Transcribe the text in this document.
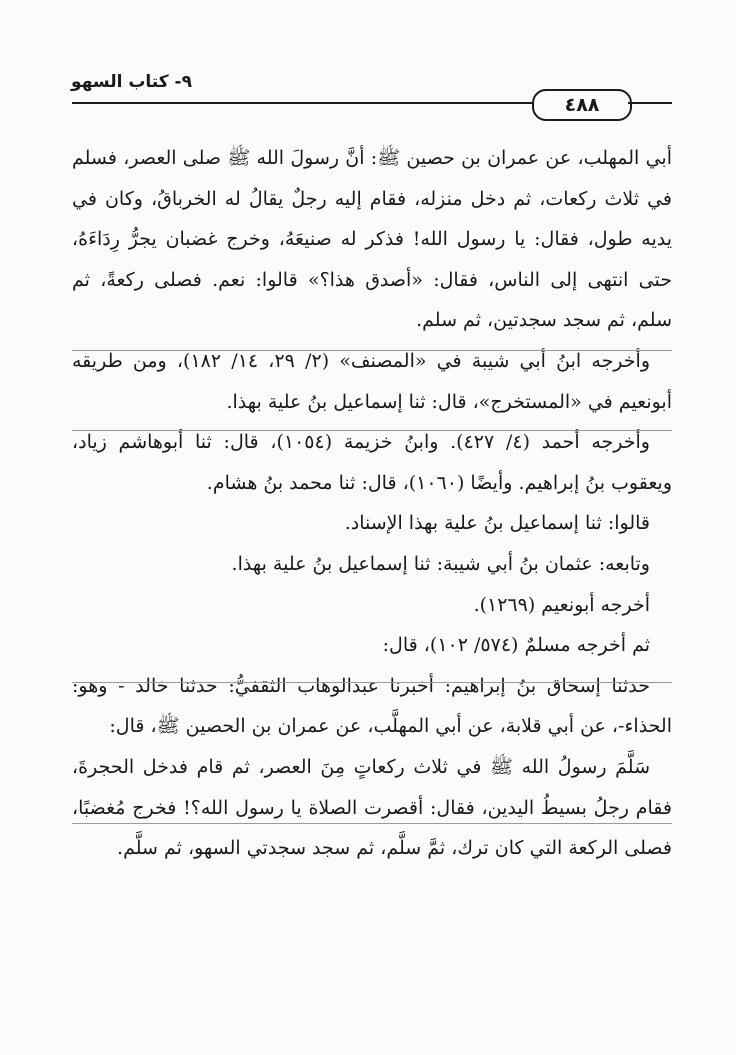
٩- كتاب السهو
٤٨٨

أبي المهلب، عن عمران بن حصين ﷺ: أنَّ رسولَ الله ﷺ صلى العصر، فسلم في ثلاث ركعات، ثم دخل منزله، فقام إليه رجلٌ يقالُ له الخرباقُ، وكان في يديه طول، فقال: يا رسول الله! فذكر له صنيعَهُ، وخرج غضبان يجرُّ رِدَاءَهُ، حتى انتهى إلى الناس، فقال: «أصدق هذا؟» قالوا: نعم. فصلى ركعةً، ثم سلم، ثم سجد سجدتين، ثم سلم.

وأخرجه ابنُ أبي شيبة في «المصنف» (٢/ ٢٩، ١٤/ ١٨٢)، ومن طريقه أبونعيم في «المستخرج»، قال: ثنا إسماعيل بنُ علية بهذا.

وأخرجه أحمد (٤/ ٤٢٧). وابنُ خزيمة (١٠٥٤)، قال: ثنا أبوهاشم زياد، ويعقوب بنُ إبراهيم. وأيضًا (١٠٦٠)، قال: ثنا محمد بنُ هشام.

قالوا: ثنا إسماعيل بنُ علية بهذا الإسناد.

وتابعه: عثمان بنُ أبي شيبة: ثنا إسماعيل بنُ علية بهذا.

أخرجه أبونعيم (١٢٦٩).

ثم أخرجه مسلمٌ (٥٧٤/ ١٠٢)، قال:

حدثنا إسحاق بنُ إبراهيم: أخبرنا عبدالوهاب الثقفيُّ: حدثنا خالد - وهو: الحذاء-، عن أبي قلابة، عن أبي المهلَّب، عن عمران بن الحصين ﷺ، قال:

سَلَّمَ رسولُ الله ﷺ في ثلاث ركعاتٍ مِنَ العصر، ثم قام فدخل الحجرةَ، فقام رجلُ بسيطُ اليدين، فقال: أقصرت الصلاة يا رسول الله؟! فخرج مُغضبًا، فصلى الركعة التي كان ترك، ثمَّ سلَّم، ثم سجد سجدتي السهو، ثم سلَّم.
